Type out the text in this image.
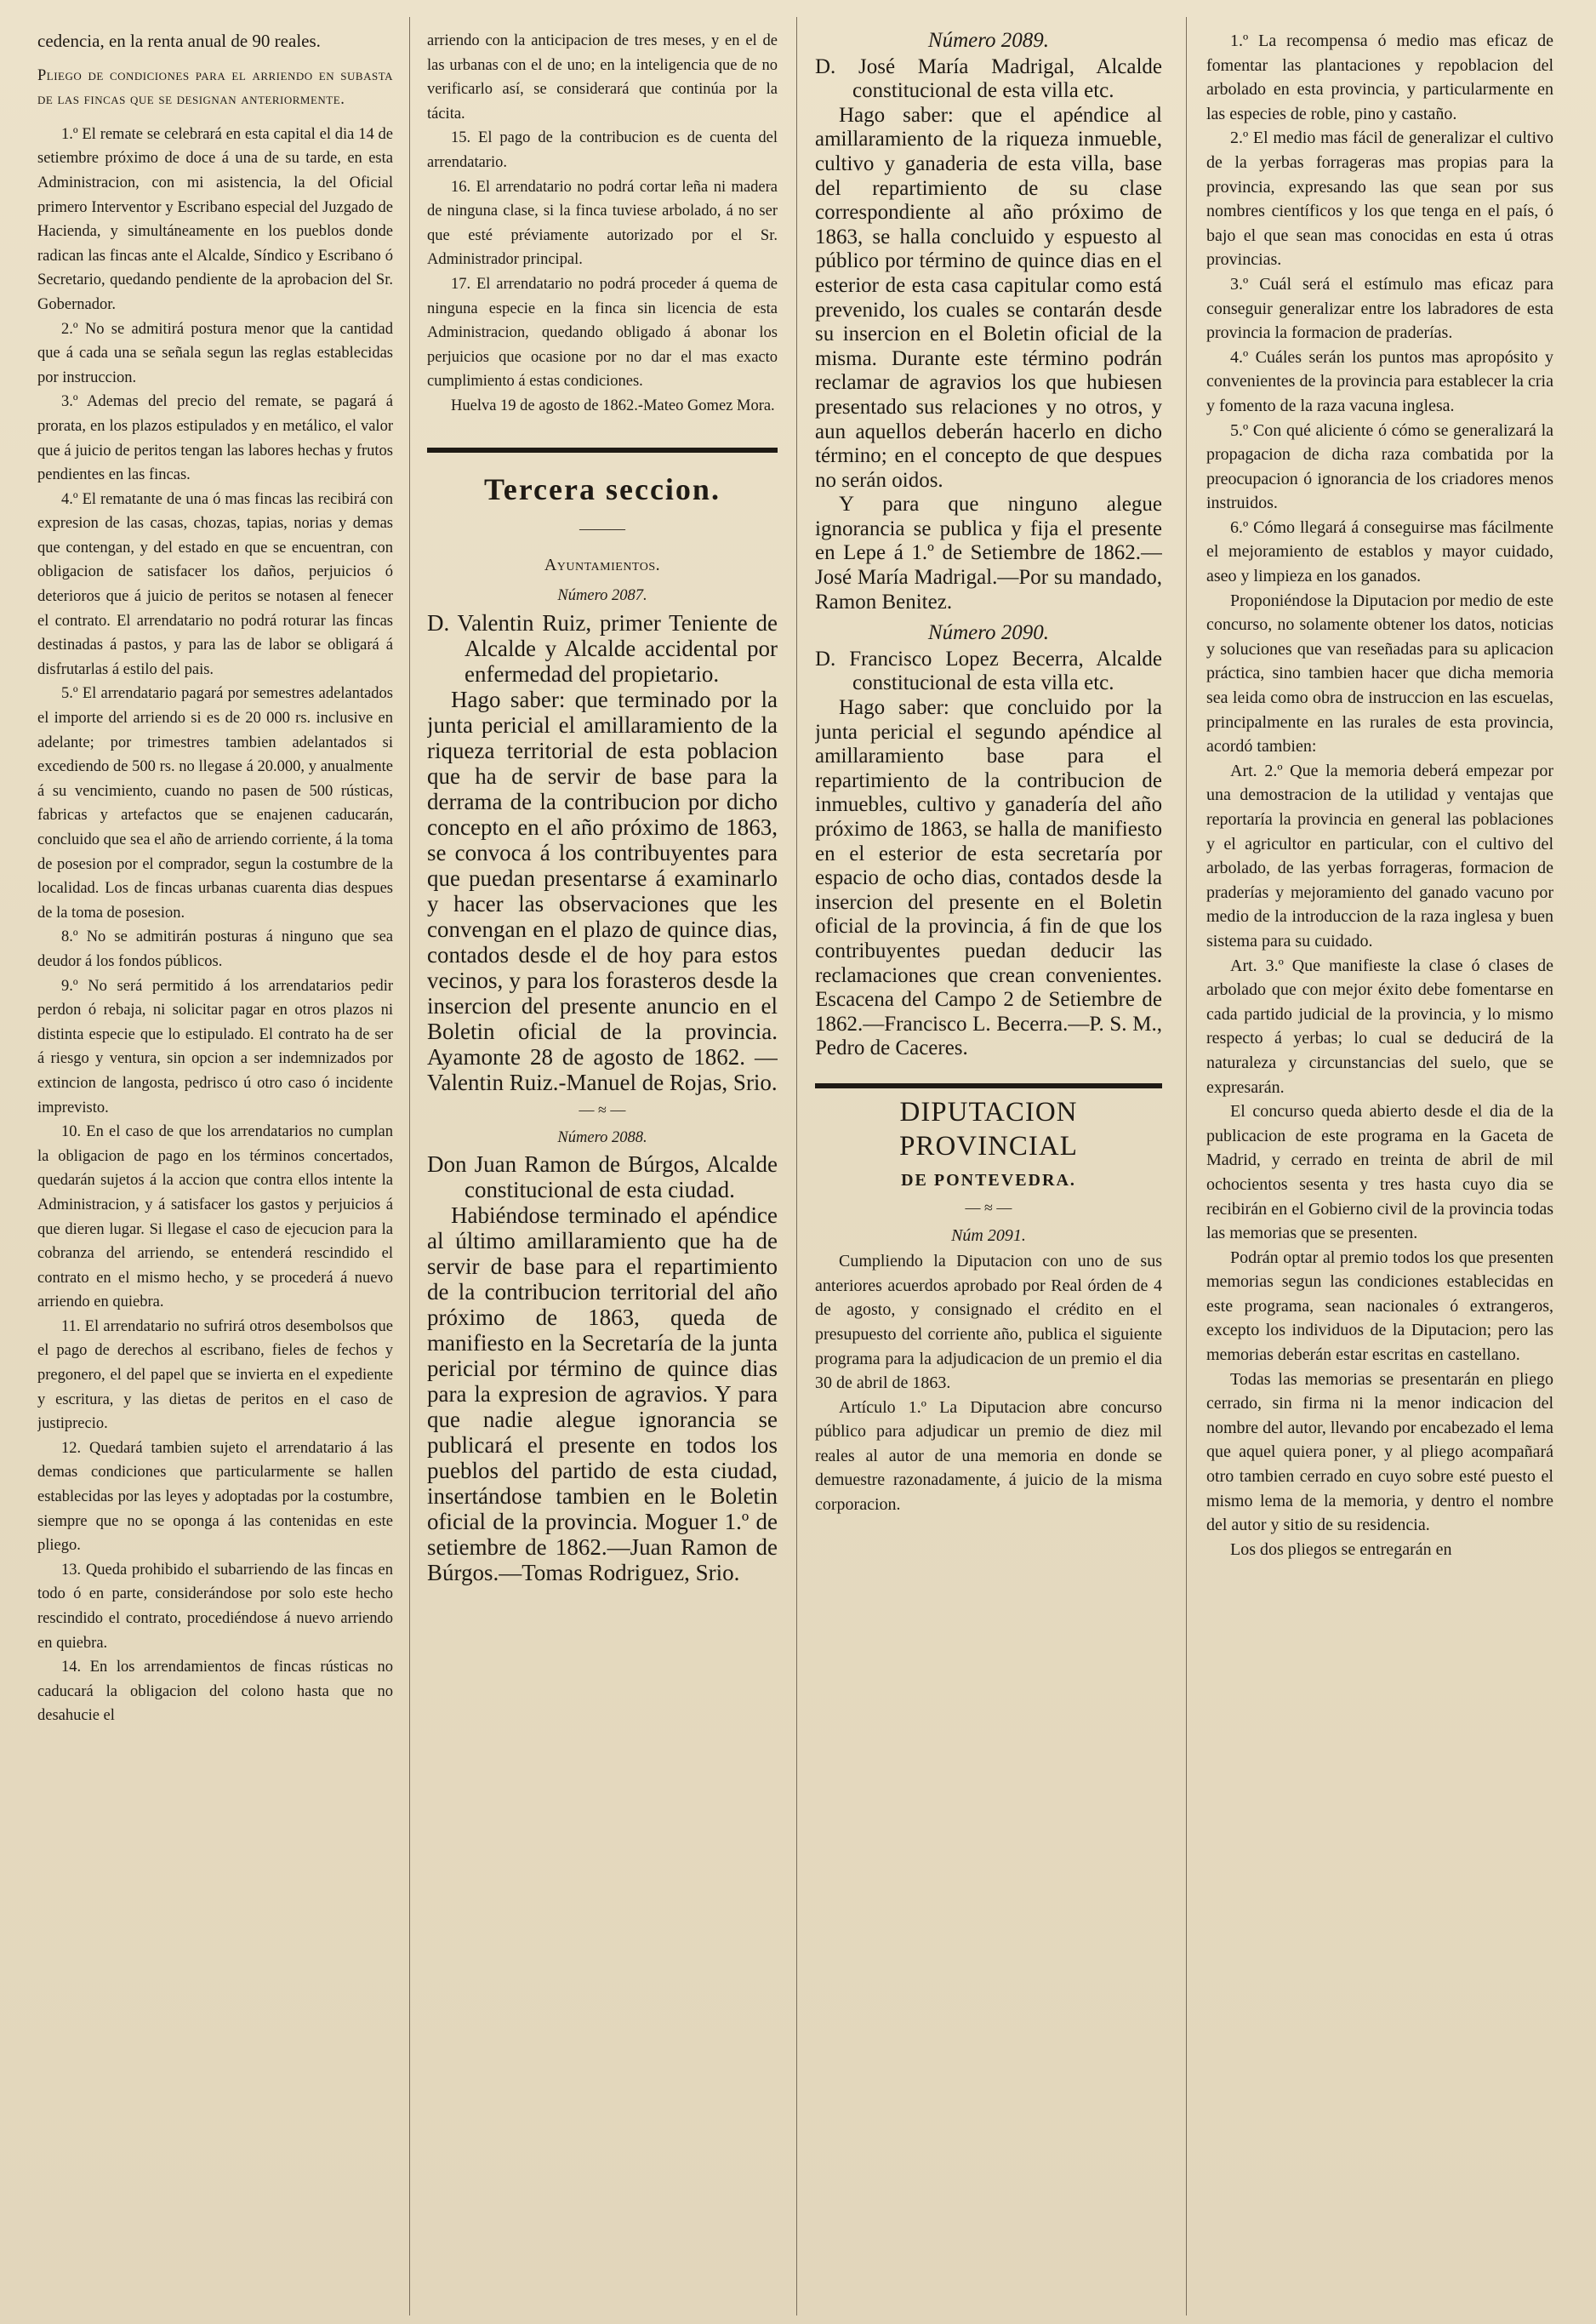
cedencia, en la renta anual de 90 reales.

Pliego de condiciones para el arriendo en subasta de las fincas que se designan anteriormente.

1.º El remate se celebrará en esta capital el dia 14 de setiembre próximo de doce á una de su tarde, en esta Administracion, con mi asistencia, la del Oficial primero Interventor y Escribano especial del Juzgado de Hacienda, y simultáneamente en los pueblos donde radican las fincas ante el Alcalde, Síndico y Escribano ó Secretario, quedando pendiente de la aprobacion del Sr. Gobernador.

2.º No se admitirá postura menor que la cantidad que á cada una se señala segun las reglas establecidas por instruccion.

3.º Ademas del precio del remate, se pagará á prorata, en los plazos estipulados y en metálico, el valor que á juicio de peritos tengan las labores hechas y frutos pendientes en las fincas.

4.º El rematante de una ó mas fincas las recibirá con expresion de las casas, chozas, tapias, norias y demas que contengan, y del estado en que se encuentran, con obligacion de satisfacer los daños, perjuicios ó deterioros que á juicio de peritos se notasen al fenecer el contrato. El arrendatario no podrá roturar las fincas destinadas á pastos, y para las de labor se obligará á disfrutarlas á estilo del pais.

5.º El arrendatario pagará por semestres adelantados el importe del arriendo si es de 20 000 rs. inclusive en adelante; por trimestres tambien adelantados si excediendo de 500 rs. no llegase á 20.000, y anualmente á su vencimiento, cuando no pasen de 500 rústicas, fabricas y artefactos que se enajenen caducarán, concluido que sea el año de arriendo corriente, á la toma de posesion por el comprador, segun la costumbre de la localidad. Los de fincas urbanas cuarenta dias despues de la toma de posesion.

8.º No se admitirán posturas á ninguno que sea deudor á los fondos públicos.

9.º No será permitido á los arrendatarios pedir perdon ó rebaja, ni solicitar pagar en otros plazos ni distinta especie que lo estipulado. El contrato ha de ser á riesgo y ventura, sin opcion a ser indemnizados por extincion de langosta, pedrisco ú otro caso ó incidente imprevisto.

10. En el caso de que los arrendatarios no cumplan la obligacion de pago en los términos concertados, quedarán sujetos á la accion que contra ellos intente la Administracion, y á satisfacer los gastos y perjuicios á que dieren lugar. Si llegase el caso de ejecucion para la cobranza del arriendo, se entenderá rescindido el contrato en el mismo hecho, y se procederá á nuevo arriendo en quiebra.

11. El arrendatario no sufrirá otros desembolsos que el pago de derechos al escribano, fieles de fechos y pregonero, el del papel que se invierta en el expediente y escritura, y las dietas de peritos en el caso de justiprecio.

12. Quedará tambien sujeto el arrendatario á las demas condiciones que particularmente se hallen establecidas por las leyes y adoptadas por la costumbre, siempre que no se oponga á las contenidas en este pliego.

13. Queda prohibido el subarriendo de las fincas en todo ó en parte, considerándose por solo este hecho rescindido el contrato, procediéndose á nuevo arriendo en quiebra.

14. En los arrendamientos de fincas rústicas no caducará la obligacion del colono hasta que no desahucie el

arriendo con la anticipacion de tres meses, y en el de las urbanas con el de uno; en la inteligencia que de no verificarlo así, se considerará que continúa por la tácita.

15. El pago de la contribucion es de cuenta del arrendatario.

16. El arrendatario no podrá cortar leña ni madera de ninguna clase, si la finca tuviese arbolado, á no ser que esté préviamente autorizado por el Sr. Administrador principal.

17. El arrendatario no podrá proceder á quema de ninguna especie en la finca sin licencia de esta Administracion, quedando obligado á abonar los perjuicios que ocasione por no dar el mas exacto cumplimiento á estas condiciones.

Huelva 19 de agosto de 1862.-Mateo Gomez Mora.

Tercera seccion.

———

Ayuntamientos.

Número 2087.

D. Valentin Ruiz, primer Teniente de Alcalde y Alcalde accidental por enfermedad del propietario.

Hago saber: que terminado por la junta pericial el amillaramiento de la riqueza territorial de esta poblacion que ha de servir de base para la derrama de la contribucion por dicho concepto en el año próximo de 1863, se convoca á los contribuyentes para que puedan presentarse á examinarlo y hacer las observaciones que les convengan en el plazo de quince dias, contados desde el de hoy para estos vecinos, y para los forasteros desde la insercion del presente anuncio en el Boletin oficial de la provincia. Ayamonte 28 de agosto de 1862. —Valentin Ruiz.-Manuel de Rojas, Srio.

— ≈ —

Número 2088.

Don Juan Ramon de Búrgos, Alcalde constitucional de esta ciudad.

Habiéndose terminado el apéndice al último amillaramiento que ha de servir de base para el repartimiento de la contribucion territorial del año próximo de 1863, queda de manifiesto en la Secretaría de la junta pericial por término de quince dias para la expresion de agravios. Y para que nadie alegue ignorancia se publicará el presente en todos los pueblos del partido de esta ciudad, insertándose tambien en le Boletin oficial de la provincia. Moguer 1.º de setiembre de 1862.—Juan Ramon de Búrgos.—Tomas Rodriguez, Srio.

Número 2089.

D. José María Madrigal, Alcalde constitucional de esta villa etc.

Hago saber: que el apéndice al amillaramiento de la riqueza inmueble, cultivo y ganaderia de esta villa, base del repartimiento de su clase correspondiente al año próximo de 1863, se halla concluido y espuesto al público por término de quince dias en el esterior de esta casa capitular como está prevenido, los cuales se contarán desde su insercion en el Boletin oficial de la misma. Durante este término podrán reclamar de agravios los que hubiesen presentado sus relaciones y no otros, y aun aquellos deberán hacerlo en dicho término; en el concepto de que despues no serán oidos.

Y para que ninguno alegue ignorancia se publica y fija el presente en Lepe á 1.º de Setiembre de 1862.—José María Madrigal.—Por su mandado, Ramon Benitez.

Número 2090.

D. Francisco Lopez Becerra, Alcalde constitucional de esta villa etc.

Hago saber: que concluido por la junta pericial el segundo apéndice al amillaramiento base para el repartimiento de la contribucion de inmuebles, cultivo y ganadería del año próximo de 1863, se halla de manifiesto en el esterior de esta secretaría por espacio de ocho dias, contados desde la insercion del presente en el Boletin oficial de la provincia, á fin de que los contribuyentes puedan deducir las reclamaciones que crean convenientes. Escacena del Campo 2 de Setiembre de 1862.—Francisco L. Becerra.—P. S. M., Pedro de Caceres.

DIPUTACION PROVINCIAL

DE PONTEVEDRA.

— ≈ —

Núm 2091.

Cumpliendo la Diputacion con uno de sus anteriores acuerdos aprobado por Real órden de 4 de agosto, y consignado el crédito en el presupuesto del corriente año, publica el siguiente programa para la adjudicacion de un premio el dia 30 de abril de 1863.

Artículo 1.º La Diputacion abre concurso público para adjudicar un premio de diez mil reales al autor de una memoria en donde se demuestre razonadamente, á juicio de la misma corporacion.

1.º La recompensa ó medio mas eficaz de fomentar las plantaciones y repoblacion del arbolado en esta provincia, y particularmente en las especies de roble, pino y castaño.

2.º El medio mas fácil de generalizar el cultivo de la yerbas forrageras mas propias para la provincia, expresando las que sean por sus nombres científicos y los que tenga en el país, ó bajo el que sean mas conocidas en esta ú otras provincias.

3.º Cuál será el estímulo mas eficaz para conseguir generalizar entre los labradores de esta provincia la formacion de praderías.

4.º Cuáles serán los puntos mas apropósito y convenientes de la provincia para establecer la cria y fomento de la raza vacuna inglesa.

5.º Con qué aliciente ó cómo se generalizará la propagacion de dicha raza combatida por la preocupacion ó ignorancia de los criadores menos instruidos.

6.º Cómo llegará á conseguirse mas fácilmente el mejoramiento de establos y mayor cuidado, aseo y limpieza en los ganados.

Proponiéndose la Diputacion por medio de este concurso, no solamente obtener los datos, noticias y soluciones que van reseñadas para su aplicacion práctica, sino tambien hacer que dicha memoria sea leida como obra de instruccion en las escuelas, principalmente en las rurales de esta provincia, acordó tambien:

Art. 2.º Que la memoria deberá empezar por una demostracion de la utilidad y ventajas que reportaría la provincia en general las poblaciones y el agricultor en particular, con el cultivo del arbolado, de las yerbas forrageras, formacion de praderías y mejoramiento del ganado vacuno por medio de la introduccion de la raza inglesa y buen sistema para su cuidado.

Art. 3.º Que manifieste la clase ó clases de arbolado que con mejor éxito debe fomentarse en cada partido judicial de la provincia, y lo mismo respecto á yerbas; lo cual se deducirá de la naturaleza y circunstancias del suelo, que se expresarán.

El concurso queda abierto desde el dia de la publicacion de este programa en la Gaceta de Madrid, y cerrado en treinta de abril de mil ochocientos sesenta y tres hasta cuyo dia se recibirán en el Gobierno civil de la provincia todas las memorias que se presenten.

Podrán optar al premio todos los que presenten memorias segun las condiciones establecidas en este programa, sean nacionales ó extrangeros, excepto los individuos de la Diputacion; pero las memorias deberán estar escritas en castellano.

Todas las memorias se presentarán en pliego cerrado, sin firma ni la menor indicacion del nombre del autor, llevando por encabezado el lema que aquel quiera poner, y al pliego acompañará otro tambien cerrado en cuyo sobre esté puesto el mismo lema de la memoria, y dentro el nombre del autor y sitio de su residencia.

Los dos pliegos se entregarán en
